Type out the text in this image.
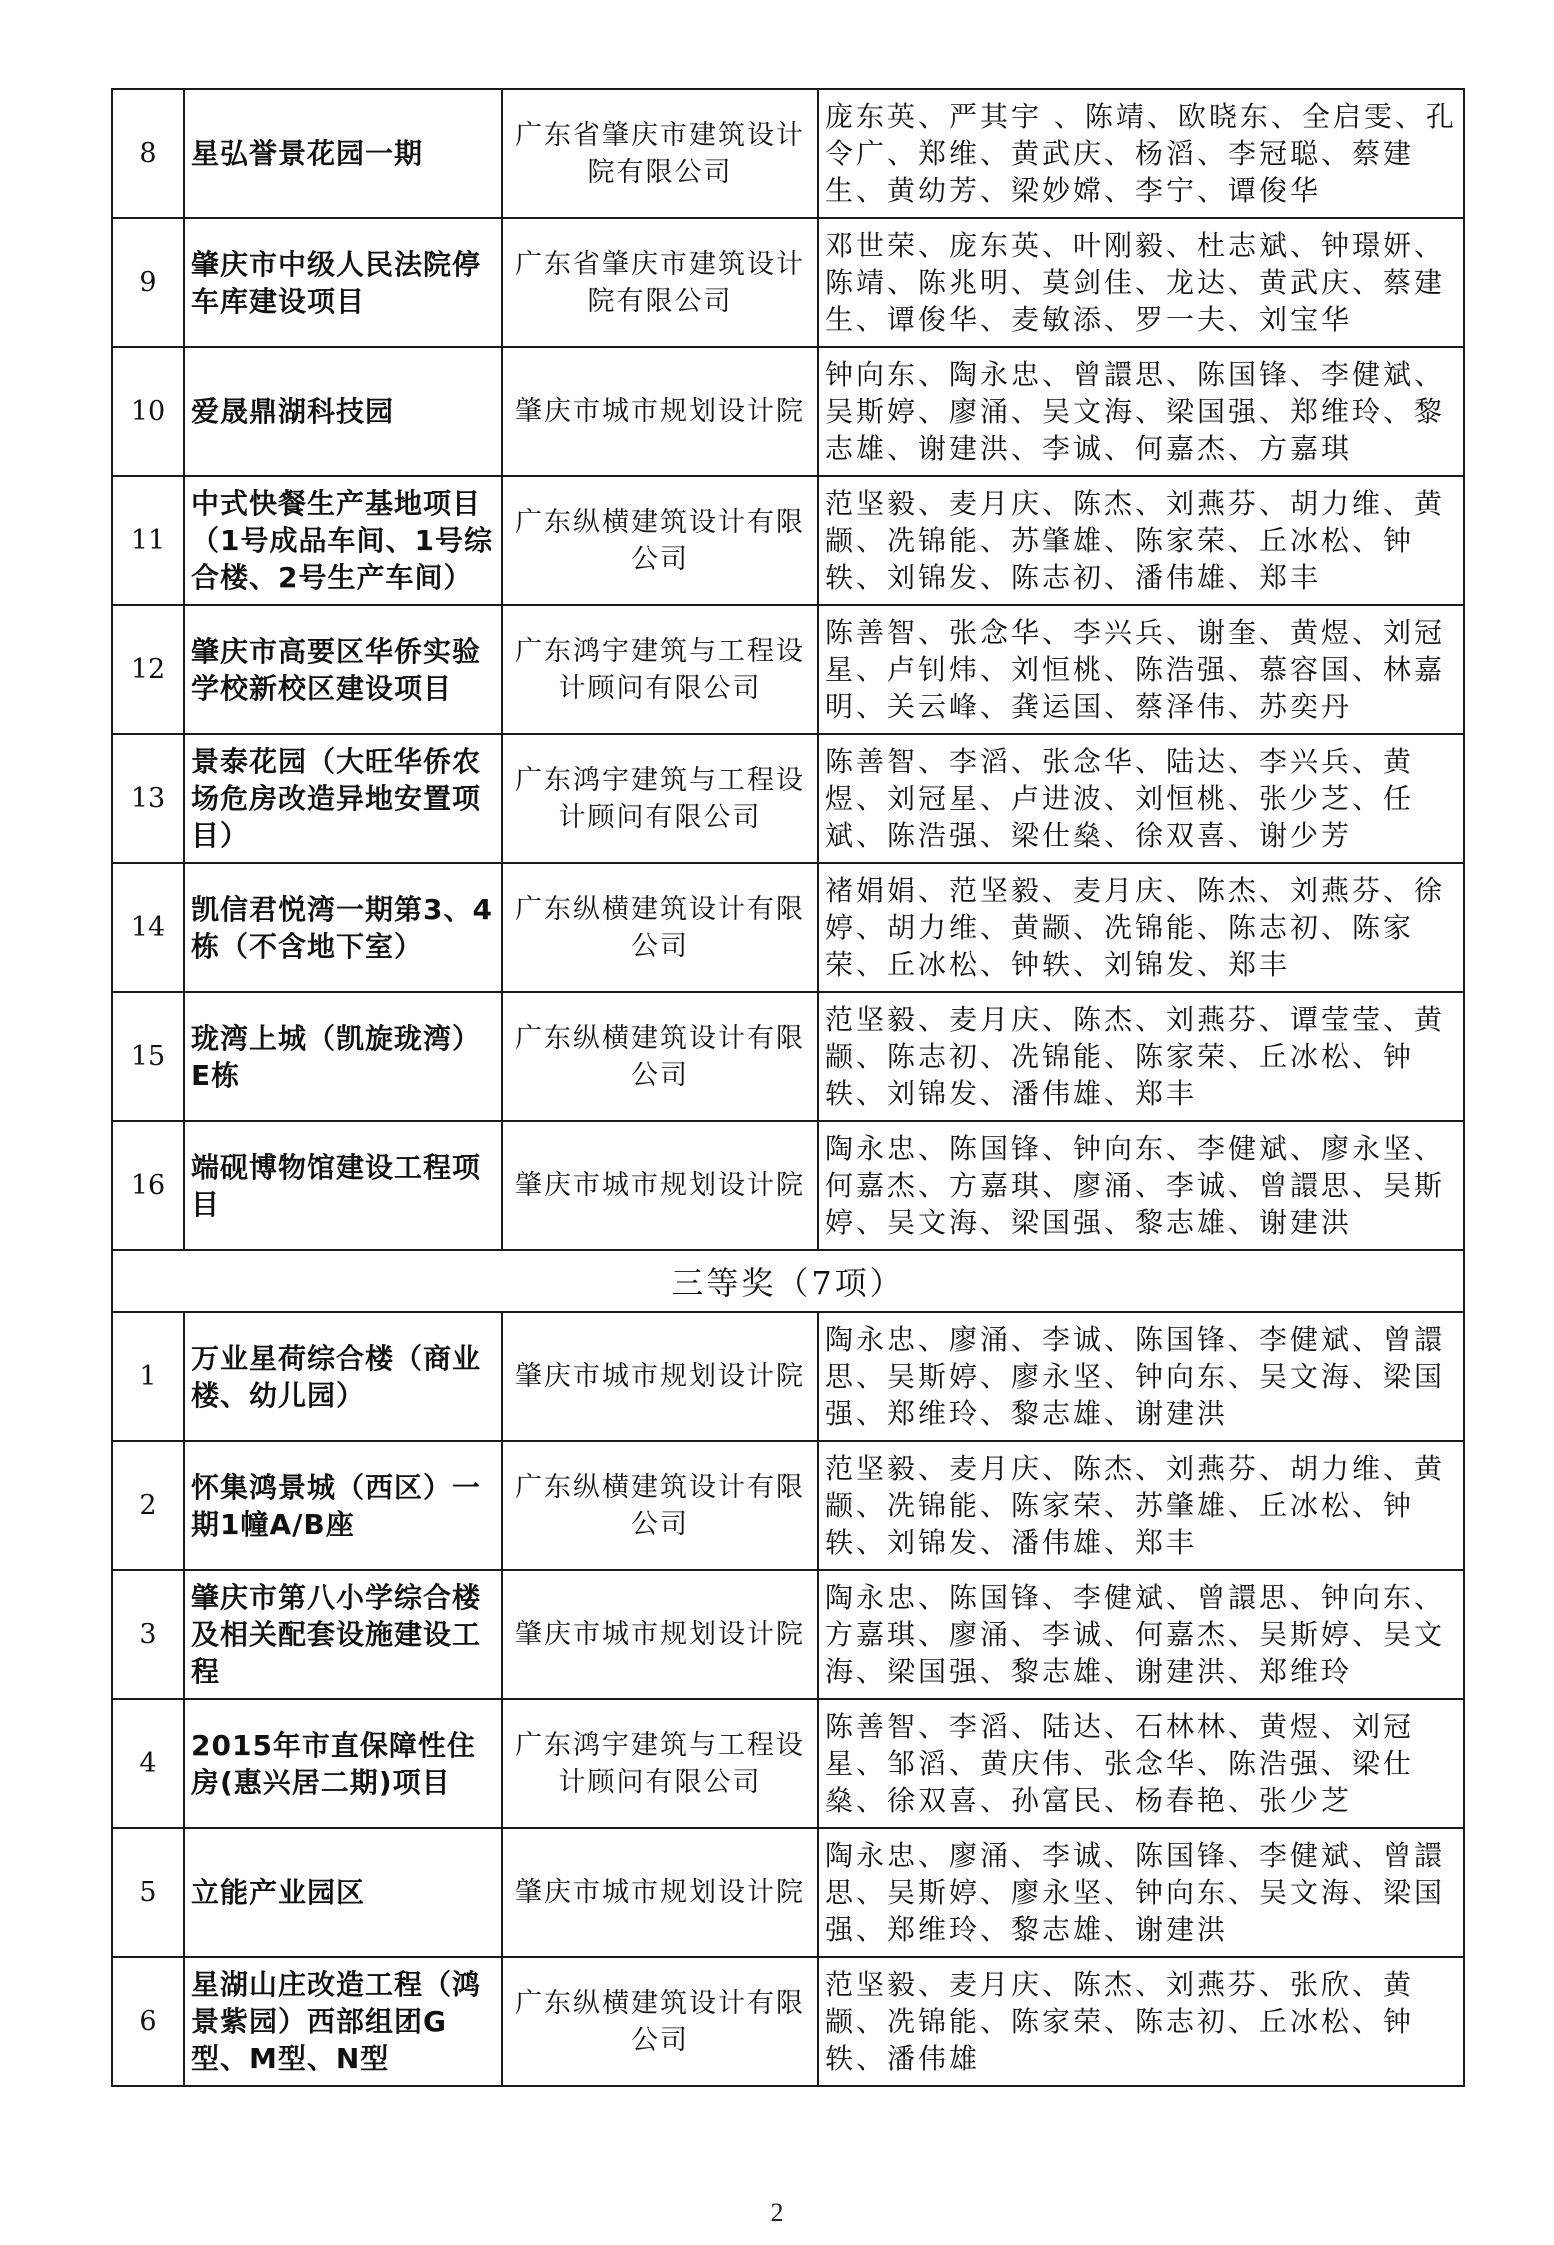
8	星弘誉景花园一期	广东省肇庆市建筑设计院有限公司	庞东英、严其宇 、陈靖、欧晓东、全启雯、孔令广、郑维、黄武庆、杨滔、李冠聪、蔡建生、黄幼芳、梁妙嫦、李宁、谭俊华
9	肇庆市中级人民法院停车库建设项目	广东省肇庆市建筑设计院有限公司	邓世荣、庞东英、叶刚毅、杜志斌、钟璟妍、陈靖、陈兆明、莫剑佳、龙达、黄武庆、蔡建生、谭俊华、麦敏添、罗一夫、刘宝华
10	爱晟鼎湖科技园	肇庆市城市规划设计院	钟向东、陶永忠、曾譞思、陈国锋、李健斌、吴斯婷、廖涌、吴文海、梁国强、郑维玲、黎志雄、谢建洪、李诚、何嘉杰、方嘉琪
11	中式快餐生产基地项目（1号成品车间、1号综合楼、2号生产车间）	广东纵横建筑设计有限公司	范坚毅、麦月庆、陈杰、刘燕芬、胡力维、黄颛、冼锦能、苏肇雄、陈家荣、丘冰松、钟轶、刘锦发、陈志初、潘伟雄、郑丰
12	肇庆市高要区华侨实验学校新校区建设项目	广东鸿宇建筑与工程设计顾问有限公司	陈善智、张念华、李兴兵、谢奎、黄煜、刘冠星、卢钊炜、刘恒桃、陈浩强、慕容国、林嘉明、关云峰、龚运国、蔡泽伟、苏奕丹
13	景泰花园（大旺华侨农场危房改造异地安置项目）	广东鸿宇建筑与工程设计顾问有限公司	陈善智、李滔、张念华、陆达、李兴兵、黄煜、刘冠星、卢进波、刘恒桃、张少芝、任斌、陈浩强、梁仕燊、徐双喜、谢少芳
14	凯信君悦湾一期第3、4栋（不含地下室）	广东纵横建筑设计有限公司	褚娟娟、范坚毅、麦月庆、陈杰、刘燕芬、徐婷、胡力维、黄颛、冼锦能、陈志初、陈家荣、丘冰松、钟轶、刘锦发、郑丰
15	珑湾上城（凯旋珑湾）E栋	广东纵横建筑设计有限公司	范坚毅、麦月庆、陈杰、刘燕芬、谭莹莹、黄颛、陈志初、冼锦能、陈家荣、丘冰松、钟轶、刘锦发、潘伟雄、郑丰
16	端砚博物馆建设工程项目	肇庆市城市规划设计院	陶永忠、陈国锋、钟向东、李健斌、廖永坚、何嘉杰、方嘉琪、廖涌、李诚、曾譞思、吴斯婷、吴文海、梁国强、黎志雄、谢建洪
三等奖（7项）			
1	万业星荷综合楼（商业楼、幼儿园）	肇庆市城市规划设计院	陶永忠、廖涌、李诚、陈国锋、李健斌、曾譞思、吴斯婷、廖永坚、钟向东、吴文海、梁国强、郑维玲、黎志雄、谢建洪
2	怀集鸿景城（西区）一期1幢A/B座	广东纵横建筑设计有限公司	范坚毅、麦月庆、陈杰、刘燕芬、胡力维、黄颛、冼锦能、陈家荣、苏肇雄、丘冰松、钟轶、刘锦发、潘伟雄、郑丰
3	肇庆市第八小学综合楼及相关配套设施建设工程	肇庆市城市规划设计院	陶永忠、陈国锋、李健斌、曾譞思、钟向东、方嘉琪、廖涌、李诚、何嘉杰、吴斯婷、吴文海、梁国强、黎志雄、谢建洪、郑维玲
4	2015年市直保障性住房(惠兴居二期)项目	广东鸿宇建筑与工程设计顾问有限公司	陈善智、李滔、陆达、石林林、黄煜、刘冠星、邹滔、黄庆伟、张念华、陈浩强、梁仕燊、徐双喜、孙富民、杨春艳、张少芝
5	立能产业园区	肇庆市城市规划设计院	陶永忠、廖涌、李诚、陈国锋、李健斌、曾譞思、吴斯婷、廖永坚、钟向东、吴文海、梁国强、郑维玲、黎志雄、谢建洪
6	星湖山庄改造工程（鸿景紫园）西部组团G型、M型、N型	广东纵横建筑设计有限公司	范坚毅、麦月庆、陈杰、刘燕芬、张欣、黄颛、冼锦能、陈家荣、陈志初、丘冰松、钟轶、潘伟雄
2
